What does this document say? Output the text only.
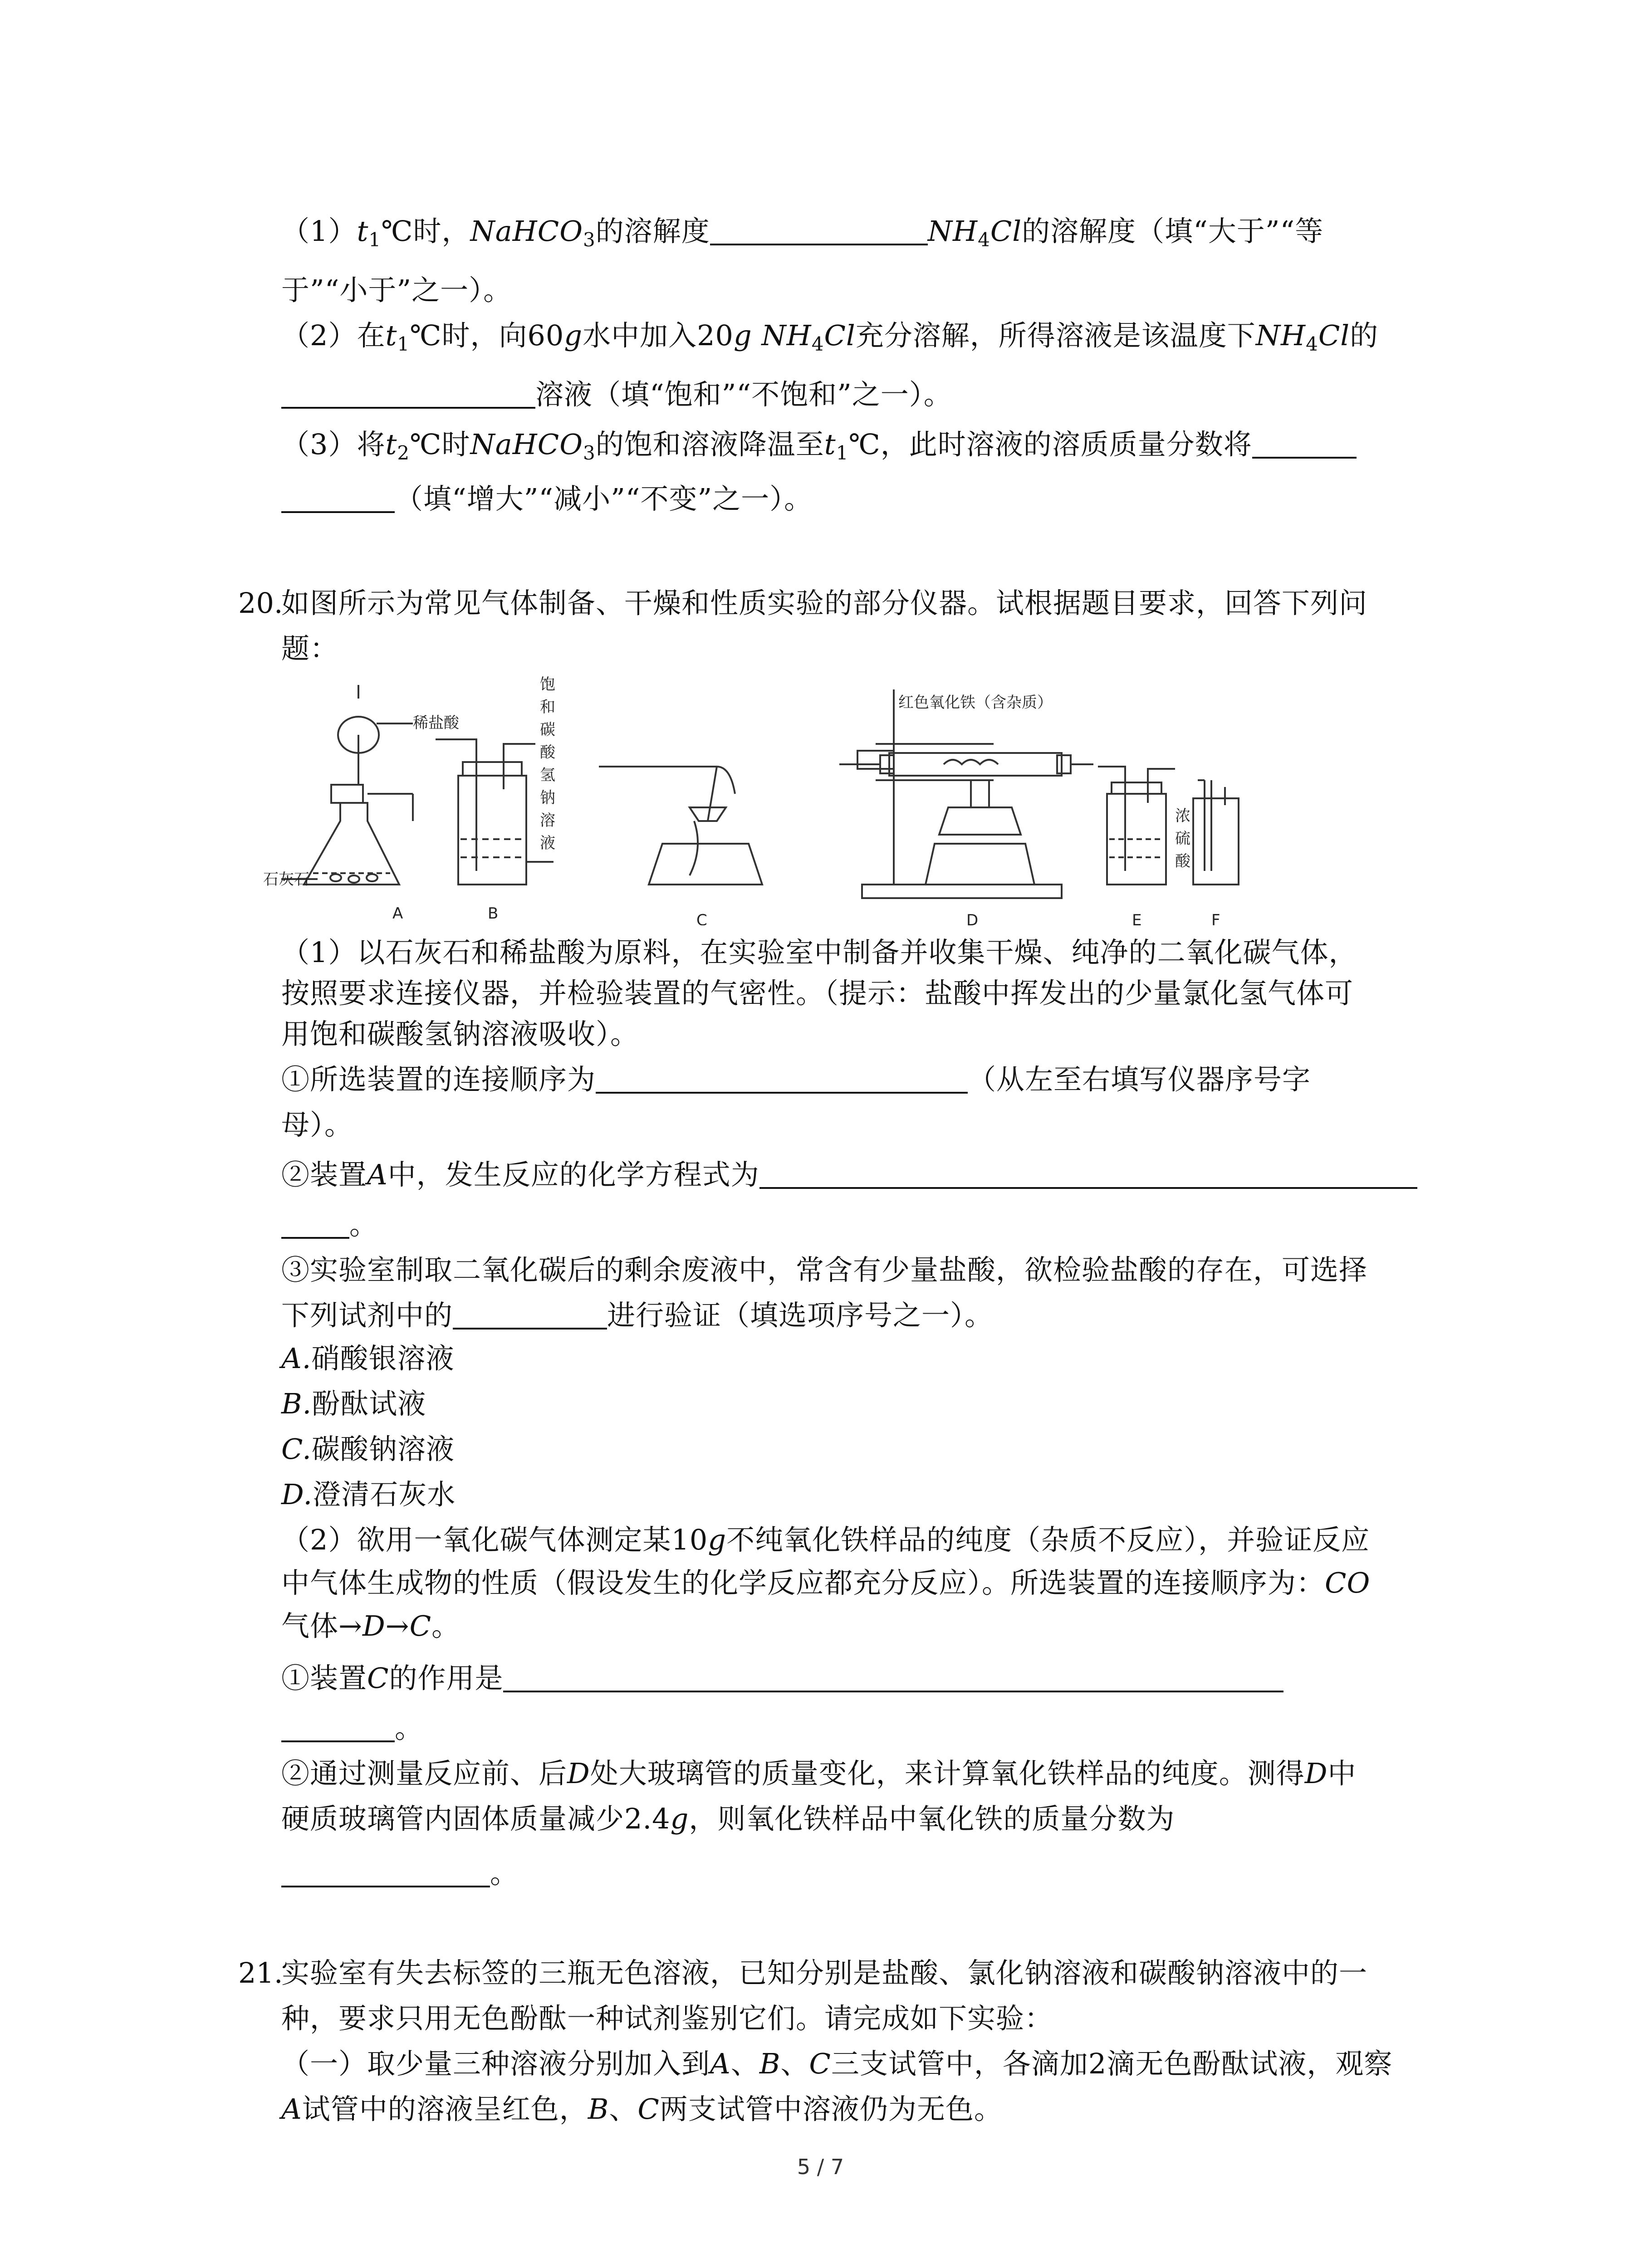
$(1)t_1℃$时，NaHCO$_3$的溶解度	$NH_4Cl$的溶解度（填“大于”“等
于”“小于”之一）。
（2）在$t_1℃$时，向60g水中加入20g $NH_4Cl$充分溶解，所得溶液是该温度下$NH_4Cl$的
溶液（填“饱和”“不饱和”之一）。
（3）将$t_2℃$时NaHCO$_3$的饱和溶液降温至$t_1℃$，此时溶液的溶质质量分数将
（填“增大”“减小”“不变”之一）。
20.
如图所示为常见气体制备、干燥和性质实验的部分仪器。试根据题目要求，回答下列问
题：
稀盐酸
石灰石
饱
和
碳
酸
氢
钠
溶
液
红色氧化铁（含杂质）
浓
硫
酸
A	B	C	D	E	F
（1）以石灰石和稀盐酸为原料，在实验室中制备并收集干燥、纯净的二氧化碳气体，
按照要求连接仪器，并检验装置的气密性。（提示：盐酸中挥发出的少量氯化氢气体可
用饱和碳酸氢钠溶液吸收）。
①所选装置的连接顺序为	（从左至右填写仪器序号字
母）。
②装置A中，发生反应的化学方程式为
。
③实验室制取二氧化碳后的剩余废液中，常含有少量盐酸，欲检验盐酸的存在，可选择
下列试剂中的	进行验证（填选项序号之一）。
A.硝酸银溶液
B.酚酞试液
C.碳酸钠溶液
D.澄清石灰水
（2）欲用一氧化碳气体测定某10g不纯氧化铁样品的纯度（杂质不反应），并验证反应
中气体生成物的性质（假设发生的化学反应都充分反应）。所选装置的连接顺序为：CO
气体→D→C。
①装置C的作用是
。
②通过测量反应前、后D处大玻璃管的质量变化，来计算氧化铁样品的纯度。测得D中
硬质玻璃管内固体质量减少2.4g，则氧化铁样品中氧化铁的质量分数为
。
21.
实验室有失去标签的三瓶无色溶液，已知分别是盐酸、氯化钠溶液和碳酸钠溶液中的一
种，要求只用无色酚酞一种试剂鉴别它们。请完成如下实验：
（一）取少量三种溶液分别加入到A、B、C三支试管中，各滴加2滴无色酚酞试液，观察
A试管中的溶液呈红色，B、C两支试管中溶液仍为无色。
5 / 7
